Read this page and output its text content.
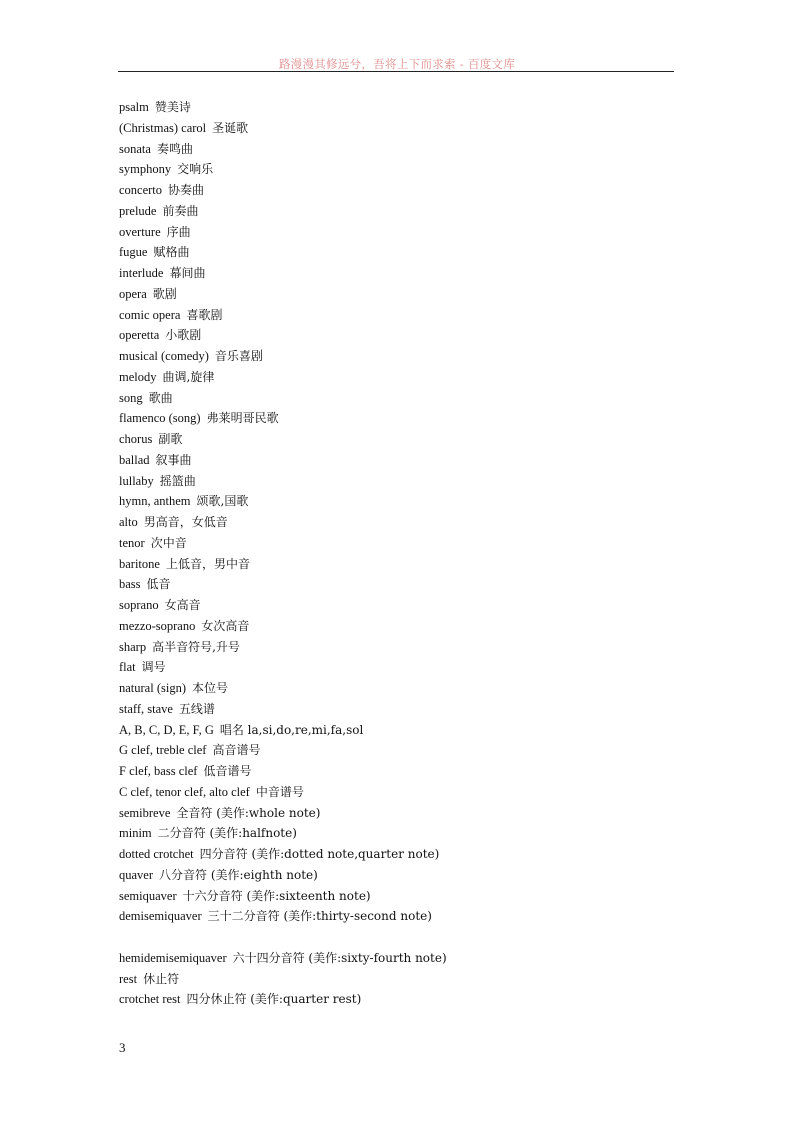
路漫漫其修远兮，吾将上下而求索 - 百度文库
psalm 赞美诗
(Christmas) carol 圣诞歌
sonata 奏鸣曲
symphony 交响乐
concerto 协奏曲
prelude 前奏曲
overture 序曲
fugue 赋格曲
interlude 幕间曲
opera 歌剧
comic opera 喜歌剧
operetta 小歌剧
musical (comedy) 音乐喜剧
melody 曲调,旋律
song 歌曲
flamenco (song) 弗莱明哥民歌
chorus 副歌
ballad 叙事曲
lullaby 摇篮曲
hymn, anthem 颂歌,国歌
alto 男高音，女低音
tenor 次中音
baritone 上低音，男中音
bass 低音
soprano 女高音
mezzo-soprano 女次高音
sharp 高半音符号,升号
flat 调号
natural (sign) 本位号
staff, stave 五线谱
A, B, C, D, E, F, G 唱名 la,si,do,re,mi,fa,sol
G clef, treble clef 高音谱号
F clef, bass clef 低音谱号
C clef, tenor clef, alto clef 中音谱号
semibreve 全音符 (美作:whole note)
minim 二分音符 (美作:halfnote)
dotted crotchet 四分音符 (美作:dotted note,quarter note)
quaver 八分音符 (美作:eighth note)
semiquaver 十六分音符 (美作:sixteenth note)
demisemiquaver 三十二分音符 (美作:thirty-second note)
hemidemisemiquaver 六十四分音符 (美作:sixty-fourth note)
rest 休止符
crotchet rest 四分休止符 (美作:quarter rest)
3
